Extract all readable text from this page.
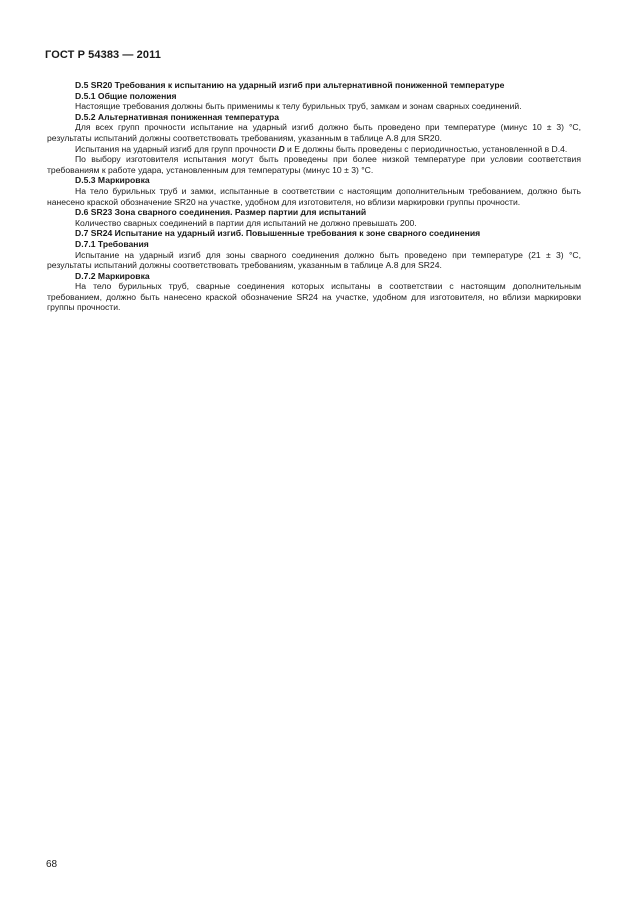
ГОСТ Р 54383 — 2011

D.5 SR20 Требования к испытанию на ударный изгиб при альтернативной пониженной температуре

D.5.1 Общие положения

Настоящие требования должны быть применимы к телу бурильных труб, замкам и зонам сварных соединений.

D.5.2 Альтернативная пониженная температура

Для всех групп прочности испытание на ударный изгиб должно быть проведено при температуре (минус 10 ± 3) °С, результаты испытаний должны соответствовать требованиям, указанным в таблице А.8 для SR20.

Испытания на ударный изгиб для групп прочности D и Е должны быть проведены с периодичностью, установленной в D.4.

По выбору изготовителя испытания могут быть проведены при более низкой температуре при условии соответствия требованиям к работе удара, установленным для температуры (минус 10 ± 3) °С.

D.5.3 Маркировка

На тело бурильных труб и замки, испытанные в соответствии с настоящим дополнительным требованием, должно быть нанесено краской обозначение SR20 на участке, удобном для изготовителя, но вблизи маркировки группы прочности.

D.6 SR23 Зона сварного соединения. Размер партии для испытаний

Количество сварных соединений в партии для испытаний не должно превышать 200.

D.7 SR24 Испытание на ударный изгиб. Повышенные требования к зоне сварного соединения

D.7.1 Требования

Испытание на ударный изгиб для зоны сварного соединения должно быть проведено при температуре (21 ± 3) °С, результаты испытаний должны соответствовать требованиям, указанным в таблице А.8 для SR24.

D.7.2 Маркировка

На тело бурильных труб, сварные соединения которых испытаны в соответствии с настоящим дополнительным требованием, должно быть нанесено краской обозначение SR24 на участке, удобном для изготовителя, но вблизи маркировки группы прочности.

68
